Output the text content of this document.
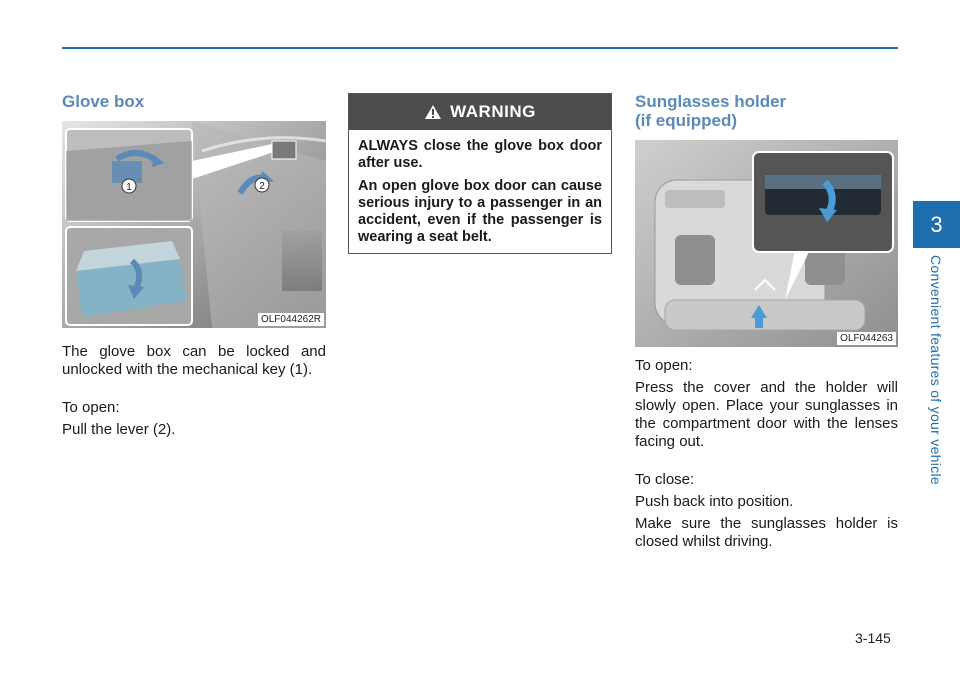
3
Convenient features of your vehicle
Glove box
1	2
OLF044262R

The glove box can be locked and unlocked with the mechanical key (1).

To open:

Pull the lever (2).

WARNING

ALWAYS close the glove box door after use.

An open glove box door can cause serious injury to a passenger in an accident, even if the passenger is wearing a seat belt.

Sunglasses holder
(if equipped)
OLF044263

To open:

Press the cover and the holder will slowly open. Place your sunglasses in the compartment door with the lenses facing out.

To close:

Push back into position.

Make sure the sunglasses holder is closed whilst driving.

3-145
